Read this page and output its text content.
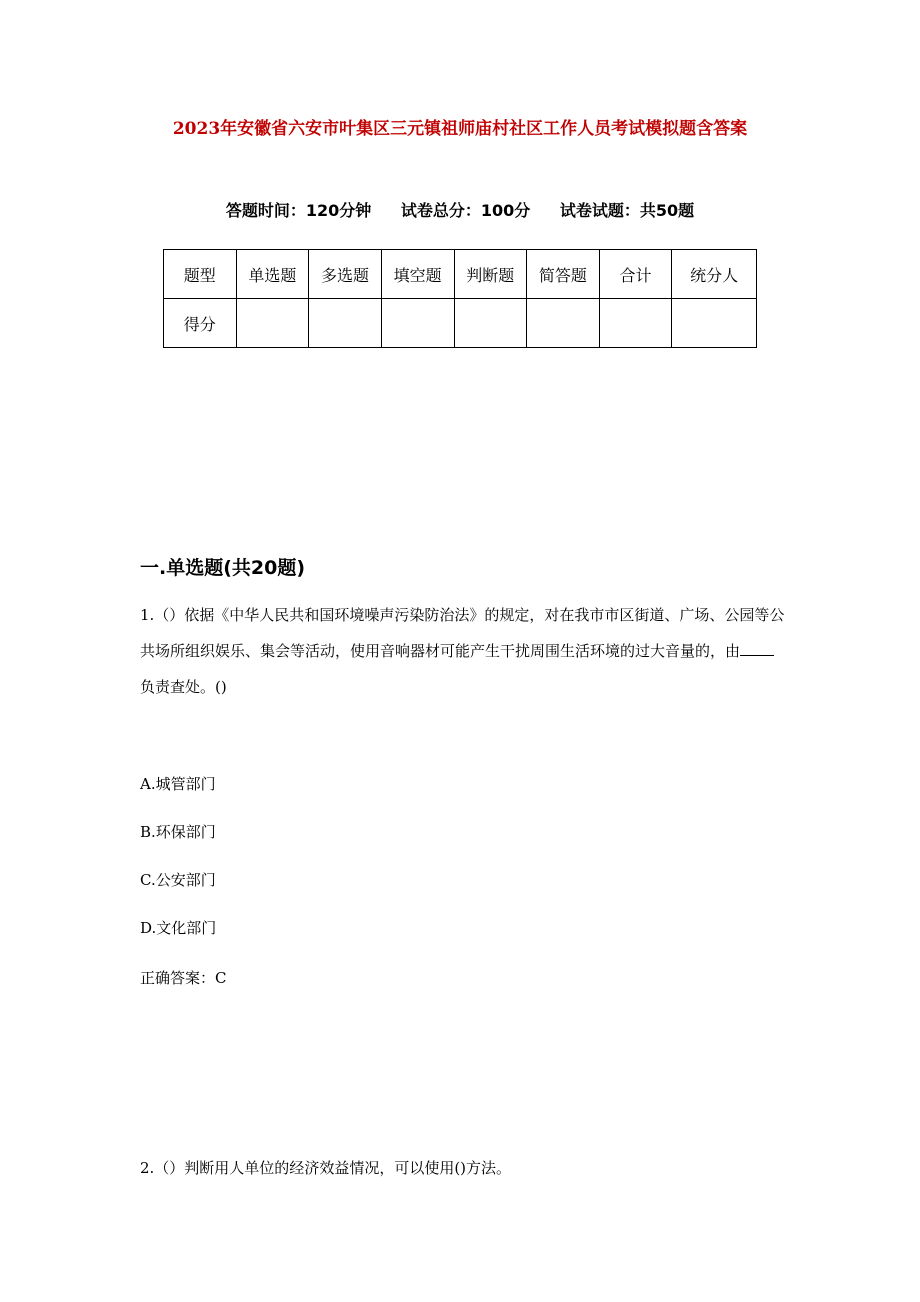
2023年安徽省六安市叶集区三元镇祖师庙村社区工作人员考试模拟题含答案
答题时间：120分钟 试卷总分：100分 试卷试题：共50题
题型	单选题	多选题	填空题	判断题	简答题	合计	统分人
得分							
一.单选题(共20题)
1.（）依据《中华人民共和国环境噪声污染防治法》的规定，对在我市市区街道、广场、公园等公共场所组织娱乐、集会等活动，使用音响器材可能产生干扰周围生活环境的过大音量的，由 负责查处。()
A.城管部门
B.环保部门
C.公安部门
D.文化部门
正确答案：C
2.（）判断用人单位的经济效益情况，可以使用()方法。
